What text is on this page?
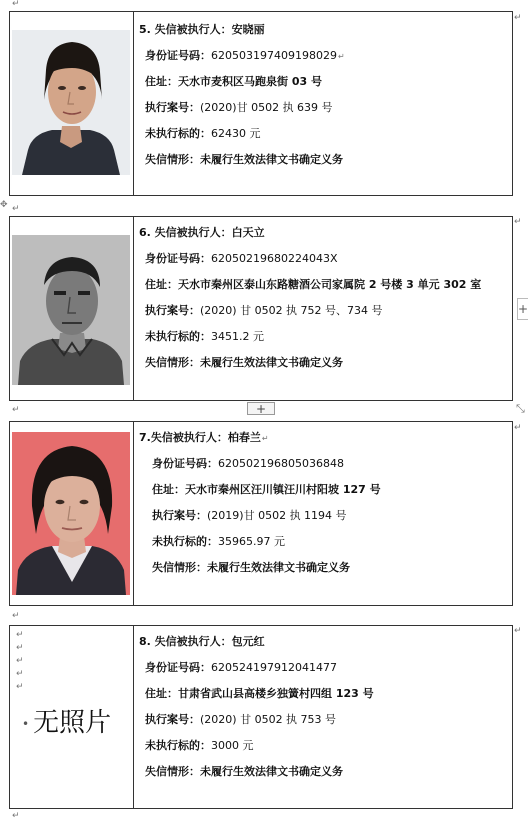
↵
↵
✥
↵
↵
↵
⤡
↵
↵
↵
↵
+
+
5. 失信被执行人：安晓丽
身份证号码：620503197409198029↵
住址：天水市麦积区马跑泉街 03 号
执行案号：(2020)甘 0502 执 639 号
未执行标的：62430 元
失信情形：未履行生效法律文书确定义务
6. 失信被执行人：白天立
身份证号码：62050219680224043X
住址：天水市秦州区泰山东路糖酒公司家属院 2 号楼 3 单元 302 室
执行案号：(2020) 甘 0502 执 752 号、734 号
未执行标的：3451.2 元
失信情形：未履行生效法律文书确定义务
7.失信被执行人：柏春兰↵
身份证号码：620502196805036848
住址：天水市秦州区汪川镇汪川村阳坡 127 号
执行案号：(2019)甘 0502 执 1194 号
未执行标的：35965.97 元
失信情形：未履行生效法律文书确定义务
↵
↵
↵
↵
↵
• 无照片
8. 失信被执行人：包元红
身份证号码：620524197912041477
住址：甘肃省武山县高楼乡独簧村四组 123 号
执行案号：(2020) 甘 0502 执 753 号
未执行标的：3000 元
失信情形：未履行生效法律文书确定义务
